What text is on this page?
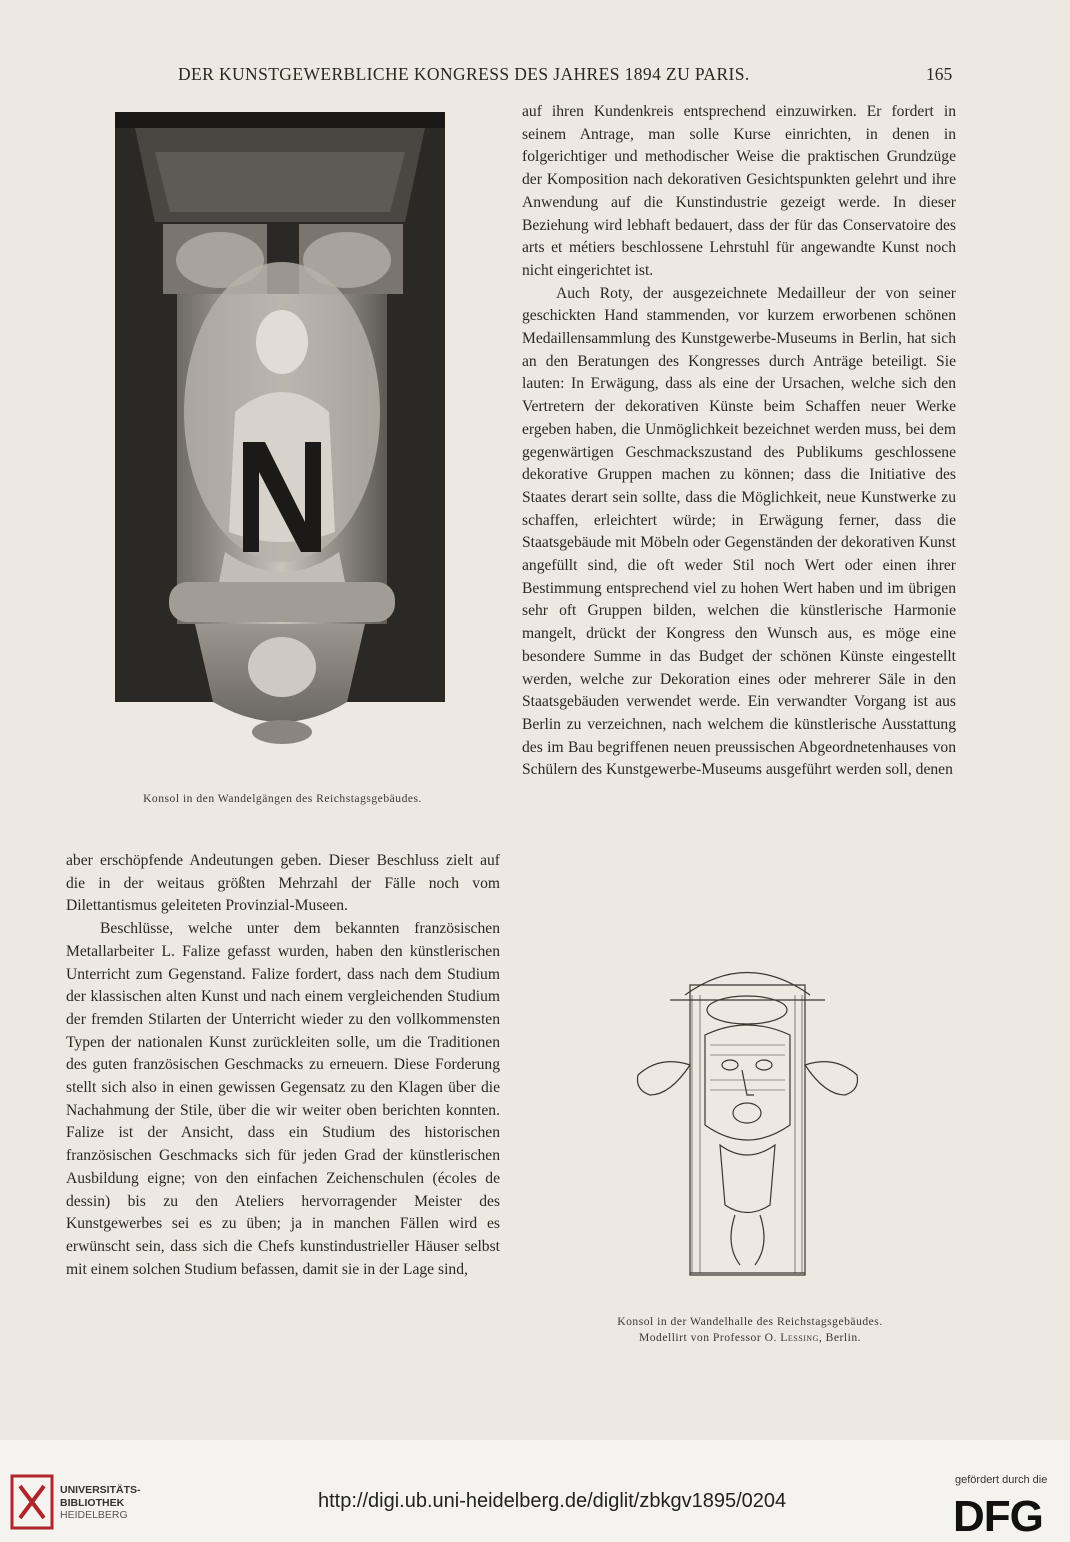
DER KUNSTGEWERBLICHE KONGRESS DES JAHRES 1894 ZU PARIS.	165
Konsol in den Wandelgängen des Reichstagsgebäudes.

auf ihren Kundenkreis entsprechend einzuwirken. Er fordert in seinem Antrage, man solle Kurse einrichten, in denen in folgerichtiger und methodischer Weise die praktischen Grundzüge der Komposition nach dekorativen Gesichtspunkten gelehrt und ihre Anwendung auf die Kunstindustrie gezeigt werde. In dieser Beziehung wird lebhaft bedauert, dass der für das Conservatoire des arts et métiers beschlossene Lehrstuhl für angewandte Kunst noch nicht eingerichtet ist.

Auch Roty, der ausgezeichnete Medailleur der von seiner geschickten Hand stammenden, vor kurzem erworbenen schönen Medaillensammlung des Kunstgewerbe-Museums in Berlin, hat sich an den Beratungen des Kongresses durch Anträge beteiligt. Sie lauten: In Erwägung, dass als eine der Ursachen, welche sich den Vertretern der dekorativen Künste beim Schaffen neuer Werke ergeben haben, die Unmöglichkeit bezeichnet werden muss, bei dem gegenwärtigen Geschmackszustand des Publikums geschlossene dekorative Gruppen machen zu können; dass die Initiative des Staates derart sein sollte, dass die Möglichkeit, neue Kunstwerke zu schaffen, erleichtert würde; in Erwägung ferner, dass die Staatsgebäude mit Möbeln oder Gegenständen der dekorativen Kunst angefüllt sind, die oft weder Stil noch Wert oder einen ihrer Bestimmung entsprechend viel zu hohen Wert haben und im übrigen sehr oft Gruppen bilden, welchen die künstlerische Harmonie mangelt, drückt der Kongress den Wunsch aus, es möge eine besondere Summe in das Budget der schönen Künste eingestellt werden, welche zur Dekoration eines oder mehrerer Säle in den Staatsgebäuden verwendet werde. Ein verwandter Vorgang ist aus Berlin zu verzeichnen, nach welchem die künstlerische Ausstattung des im Bau begriffenen neuen preussischen Abgeordnetenhauses von Schülern des Kunstgewerbe-Museums ausgeführt werden soll, denen

aber erschöpfende Andeutungen geben. Dieser Beschluss zielt auf die in der weitaus größten Mehrzahl der Fälle noch vom Dilettantismus geleiteten Provinzial-Museen.

Beschlüsse, welche unter dem bekannten französischen Metallarbeiter L. Falize gefasst wurden, haben den künstlerischen Unterricht zum Gegenstand. Falize fordert, dass nach dem Studium der klassischen alten Kunst und nach einem vergleichenden Studium der fremden Stilarten der Unterricht wieder zu den vollkommensten Typen der nationalen Kunst zurückleiten solle, um die Traditionen des guten französischen Geschmacks zu erneuern. Diese Forderung stellt sich also in einen gewissen Gegensatz zu den Klagen über die Nachahmung der Stile, über die wir weiter oben berichten konnten. Falize ist der Ansicht, dass ein Studium des historischen französischen Geschmacks sich für jeden Grad der künstlerischen Ausbildung eigne; von den einfachen Zeichenschulen (écoles de dessin) bis zu den Ateliers hervorragender Meister des Kunstgewerbes sei es zu üben; ja in manchen Fällen wird es erwünscht sein, dass sich die Chefs kunstindustrieller Häuser selbst mit einem solchen Studium befassen, damit sie in der Lage sind,

Konsol in der Wandelhalle des Reichstagsgebäudes.
Modellirt von Professor O. Lessing, Berlin.
UNIVERSITÄTS-
BIBLIOTHEK
HEIDELBERG
http://digi.ub.uni-heidelberg.de/diglit/zbkgv1895/0204
gefördert durch die
DFG
